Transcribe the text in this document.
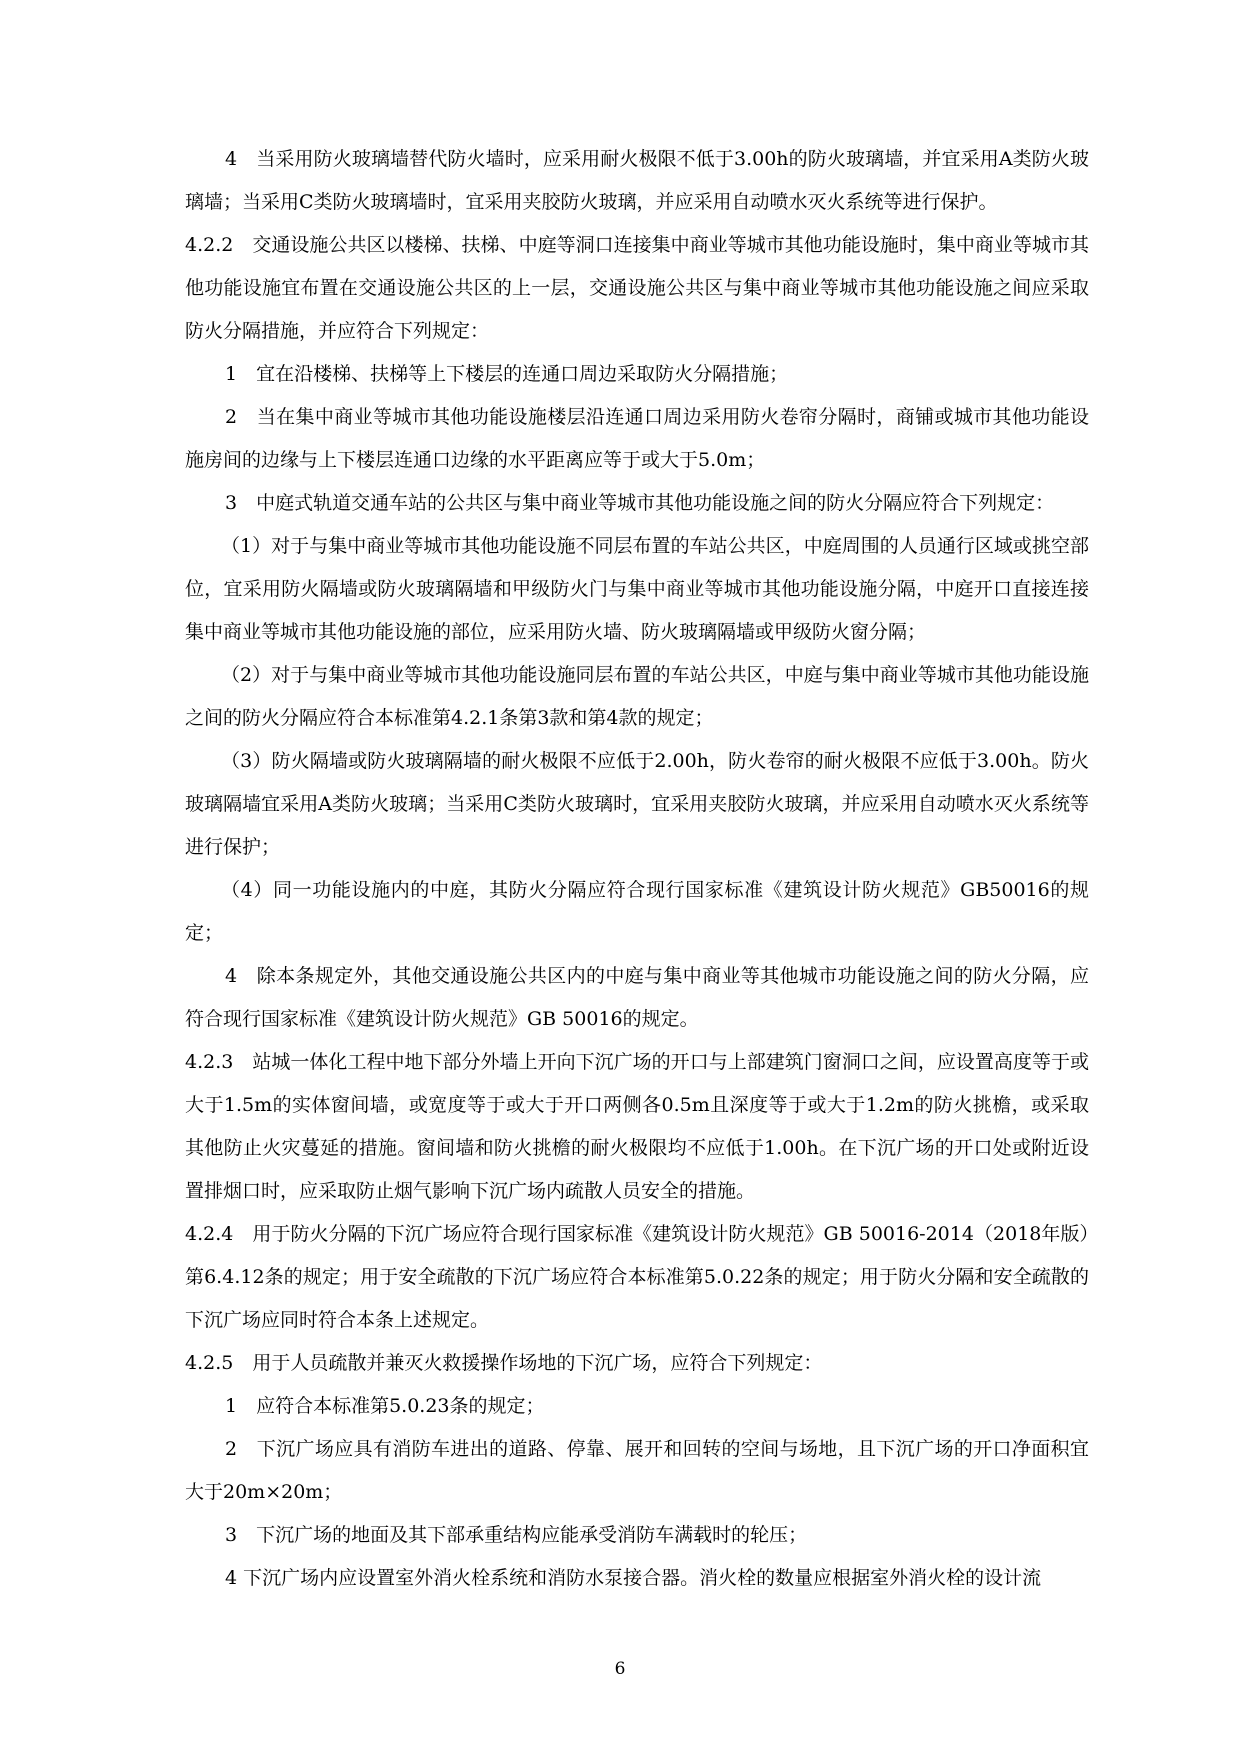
4　当采用防火玻璃墙替代防火墙时，应采用耐火极限不低于3.00h的防火玻璃墙，并宜采用A类防火玻璃墙；当采用C类防火玻璃墙时，宜采用夹胶防火玻璃，并应采用自动喷水灭火系统等进行保护。

4.2.2　交通设施公共区以楼梯、扶梯、中庭等洞口连接集中商业等城市其他功能设施时，集中商业等城市其他功能设施宜布置在交通设施公共区的上一层，交通设施公共区与集中商业等城市其他功能设施之间应采取防火分隔措施，并应符合下列规定：

1　宜在沿楼梯、扶梯等上下楼层的连通口周边采取防火分隔措施；

2　当在集中商业等城市其他功能设施楼层沿连通口周边采用防火卷帘分隔时，商铺或城市其他功能设施房间的边缘与上下楼层连通口边缘的水平距离应等于或大于5.0m；

3　中庭式轨道交通车站的公共区与集中商业等城市其他功能设施之间的防火分隔应符合下列规定：

（1）对于与集中商业等城市其他功能设施不同层布置的车站公共区，中庭周围的人员通行区域或挑空部位，宜采用防火隔墙或防火玻璃隔墙和甲级防火门与集中商业等城市其他功能设施分隔，中庭开口直接连接集中商业等城市其他功能设施的部位，应采用防火墙、防火玻璃隔墙或甲级防火窗分隔；

（2）对于与集中商业等城市其他功能设施同层布置的车站公共区，中庭与集中商业等城市其他功能设施之间的防火分隔应符合本标准第4.2.1条第3款和第4款的规定；

（3）防火隔墙或防火玻璃隔墙的耐火极限不应低于2.00h，防火卷帘的耐火极限不应低于3.00h。防火玻璃隔墙宜采用A类防火玻璃；当采用C类防火玻璃时，宜采用夹胶防火玻璃，并应采用自动喷水灭火系统等进行保护；

（4）同一功能设施内的中庭，其防火分隔应符合现行国家标准《建筑设计防火规范》GB50016的规定；

4　除本条规定外，其他交通设施公共区内的中庭与集中商业等其他城市功能设施之间的防火分隔，应符合现行国家标准《建筑设计防火规范》GB 50016的规定。

4.2.3　站城一体化工程中地下部分外墙上开向下沉广场的开口与上部建筑门窗洞口之间，应设置高度等于或大于1.5m的实体窗间墙，或宽度等于或大于开口两侧各0.5m且深度等于或大于1.2m的防火挑檐，或采取其他防止火灾蔓延的措施。窗间墙和防火挑檐的耐火极限均不应低于1.00h。在下沉广场的开口处或附近设置排烟口时，应采取防止烟气影响下沉广场内疏散人员安全的措施。

4.2.4　用于防火分隔的下沉广场应符合现行国家标准《建筑设计防火规范》GB 50016-2014（2018年版）第6.4.12条的规定；用于安全疏散的下沉广场应符合本标准第5.0.22条的规定；用于防火分隔和安全疏散的下沉广场应同时符合本条上述规定。

4.2.5　用于人员疏散并兼灭火救援操作场地的下沉广场，应符合下列规定：

1　应符合本标准第5.0.23条的规定；

2　下沉广场应具有消防车进出的道路、停靠、展开和回转的空间与场地，且下沉广场的开口净面积宜大于20m×20m；

3　下沉广场的地面及其下部承重结构应能承受消防车满载时的轮压；

4 下沉广场内应设置室外消火栓系统和消防水泵接合器。消火栓的数量应根据室外消火栓的设计流

6
